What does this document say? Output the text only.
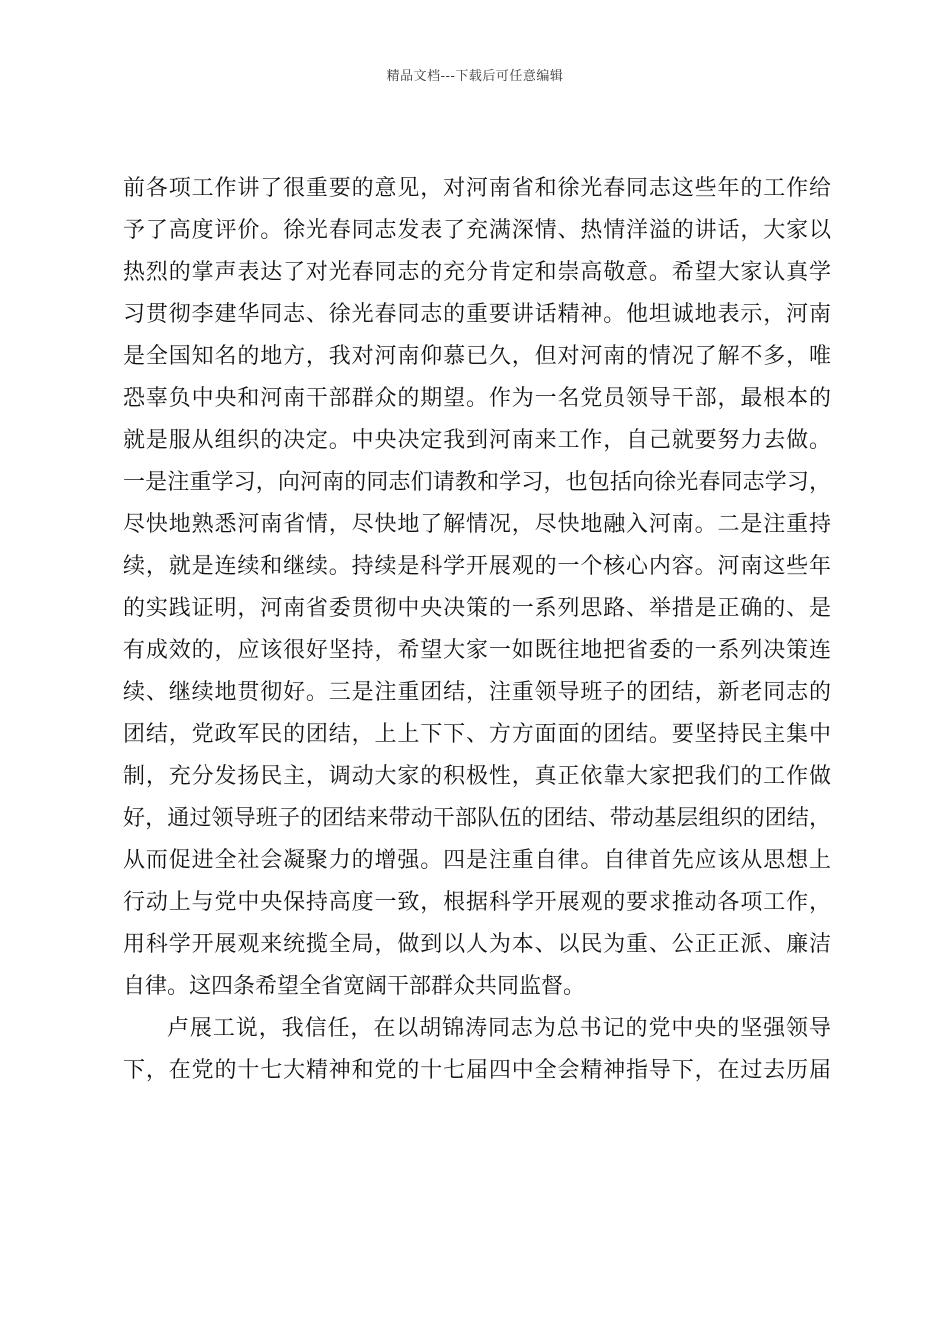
精品文档---下载后可任意编辑
前各项工作讲了很重要的意见，对河南省和徐光春同志这些年的工作给
予了高度评价。徐光春同志发表了充满深情、热情洋溢的讲话，大家以
热烈的掌声表达了对光春同志的充分肯定和崇高敬意。希望大家认真学
习贯彻李建华同志、徐光春同志的重要讲话精神。他坦诚地表示，河南
是全国知名的地方，我对河南仰慕已久，但对河南的情况了解不多，唯
恐辜负中央和河南干部群众的期望。作为一名党员领导干部，最根本的
就是服从组织的决定。中央决定我到河南来工作，自己就要努力去做。
一是注重学习，向河南的同志们请教和学习，也包括向徐光春同志学习，
尽快地熟悉河南省情，尽快地了解情况，尽快地融入河南。二是注重持
续，就是连续和继续。持续是科学开展观的一个核心内容。河南这些年
的实践证明，河南省委贯彻中央决策的一系列思路、举措是正确的、是
有成效的，应该很好坚持，希望大家一如既往地把省委的一系列决策连
续、继续地贯彻好。三是注重团结，注重领导班子的团结，新老同志的
团结，党政军民的团结，上上下下、方方面面的团结。要坚持民主集中
制，充分发扬民主，调动大家的积极性，真正依靠大家把我们的工作做
好，通过领导班子的团结来带动干部队伍的团结、带动基层组织的团结，
从而促进全社会凝聚力的增强。四是注重自律。自律首先应该从思想上
行动上与党中央保持高度一致，根据科学开展观的要求推动各项工作，
用科学开展观来统揽全局，做到以人为本、以民为重、公正正派、廉洁
自律。这四条希望全省宽阔干部群众共同监督。
卢展工说，我信任，在以胡锦涛同志为总书记的党中央的坚强领导
下，在党的十七大精神和党的十七届四中全会精神指导下，在过去历届
